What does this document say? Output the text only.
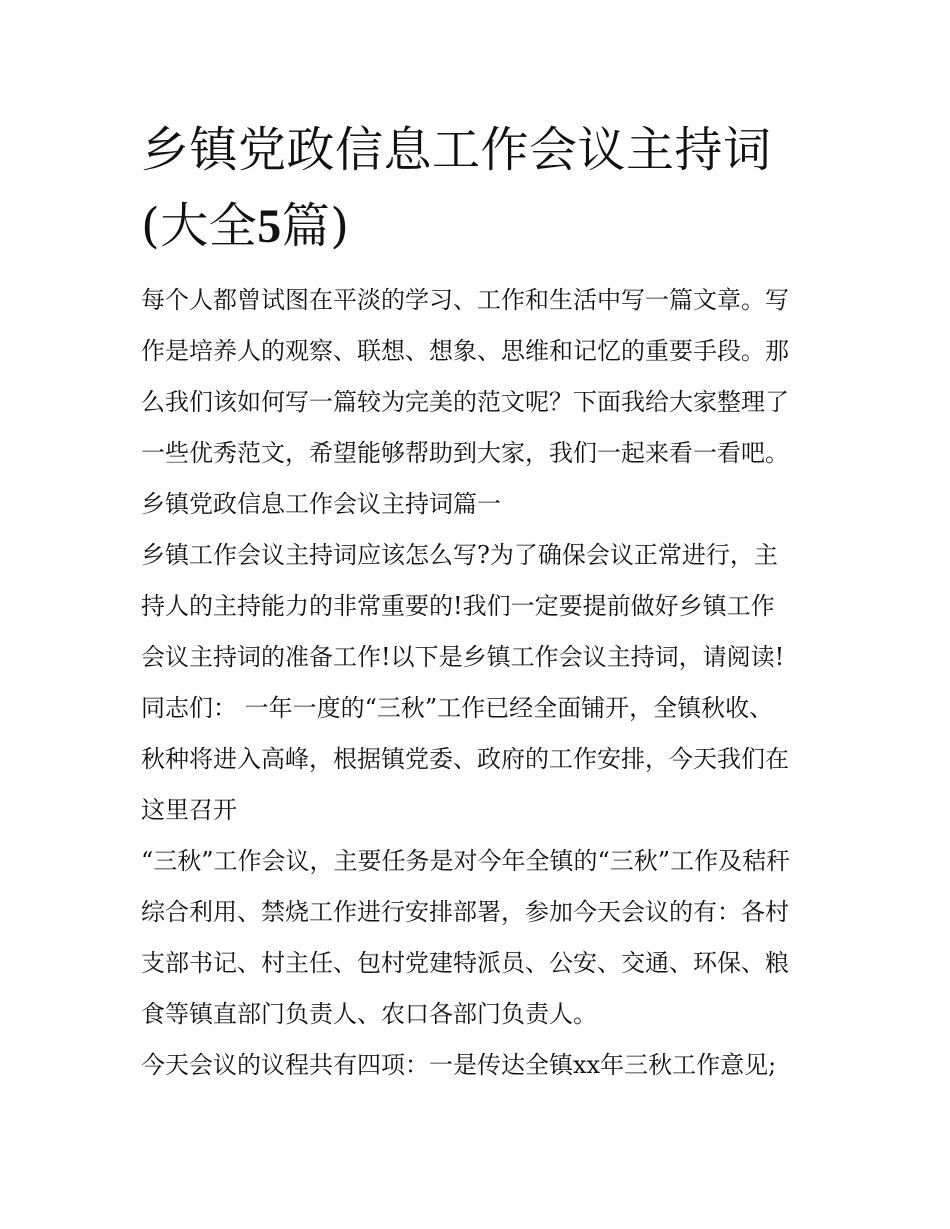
乡镇党政信息工作会议主持词
(大全5篇)
每个人都曾试图在平淡的学习、工作和生活中写一篇文章。写
作是培养人的观察、联想、想象、思维和记忆的重要手段。那
么我们该如何写一篇较为完美的范文呢？下面我给大家整理了
一些优秀范文，希望能够帮助到大家，我们一起来看一看吧。
乡镇党政信息工作会议主持词篇一
乡镇工作会议主持词应该怎么写?为了确保会议正常进行，主
持人的主持能力的非常重要的!我们一定要提前做好乡镇工作
会议主持词的准备工作!以下是乡镇工作会议主持词，请阅读!
同志们： 一年一度的“三秋”工作已经全面铺开，全镇秋收、
秋种将进入高峰，根据镇党委、政府的工作安排，今天我们在
这里召开
“三秋”工作会议，主要任务是对今年全镇的“三秋”工作及秸秆
综合利用、禁烧工作进行安排部署，参加今天会议的有：各村
支部书记、村主任、包村党建特派员、公安、交通、环保、粮
食等镇直部门负责人、农口各部门负责人。
今天会议的议程共有四项：一是传达全镇xx年三秋工作意见;
